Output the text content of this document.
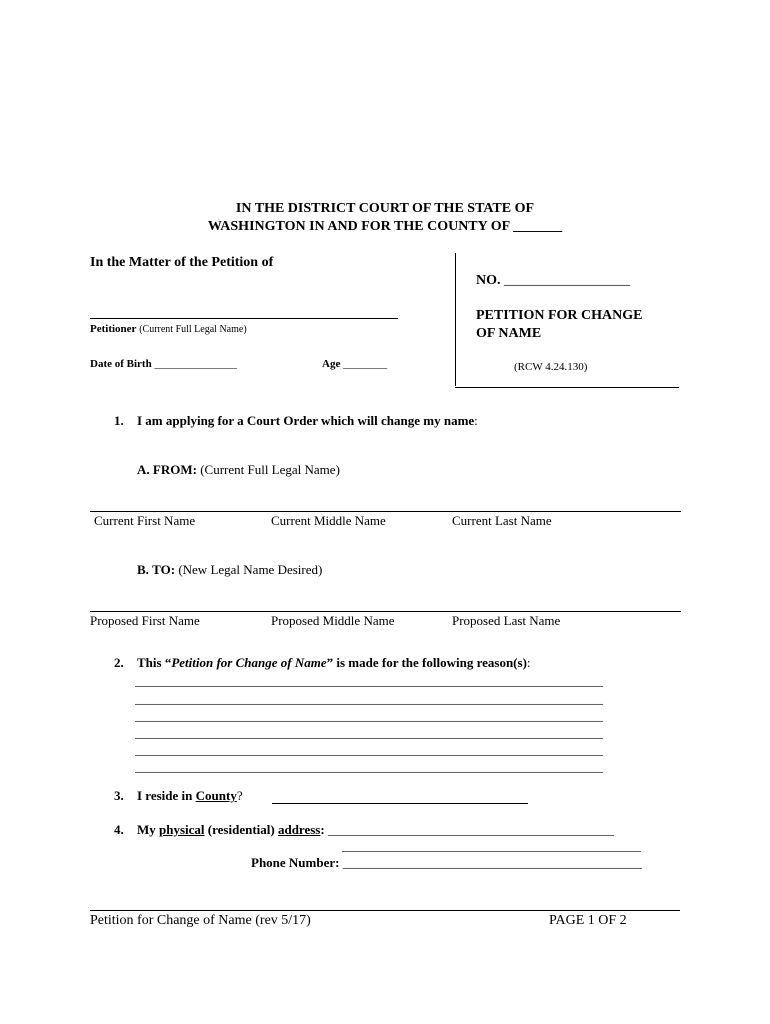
IN THE DISTRICT COURT OF THE STATE OF
WASHINGTON IN AND FOR THE COUNTY OF _______
In the Matter of the Petition of
Petitioner (Current Full Legal Name)
Date of Birth _______________	Age ________
NO. __________________
PETITION FOR CHANGE
OF NAME
(RCW 4.24.130)
1. I am applying for a Court Order which will change my name:
A. FROM: (Current Full Legal Name)
Current First Name	Current Middle Name	Current Last Name
B. TO: (New Legal Name Desired)
Proposed First Name	Proposed Middle Name	Proposed Last Name
2. This “Petition for Change of Name” is made for the following reason(s):
________________________________________________________________________
________________________________________________________________________
________________________________________________________________________
________________________________________________________________________
________________________________________________________________________
________________________________________________________________________
3. I reside in County?
4. My physical (residential) address: ____________________________________________
______________________________________________
Phone Number: ______________________________________________
Petition for Change of Name (rev 5/17)	PAGE 1 OF 2
